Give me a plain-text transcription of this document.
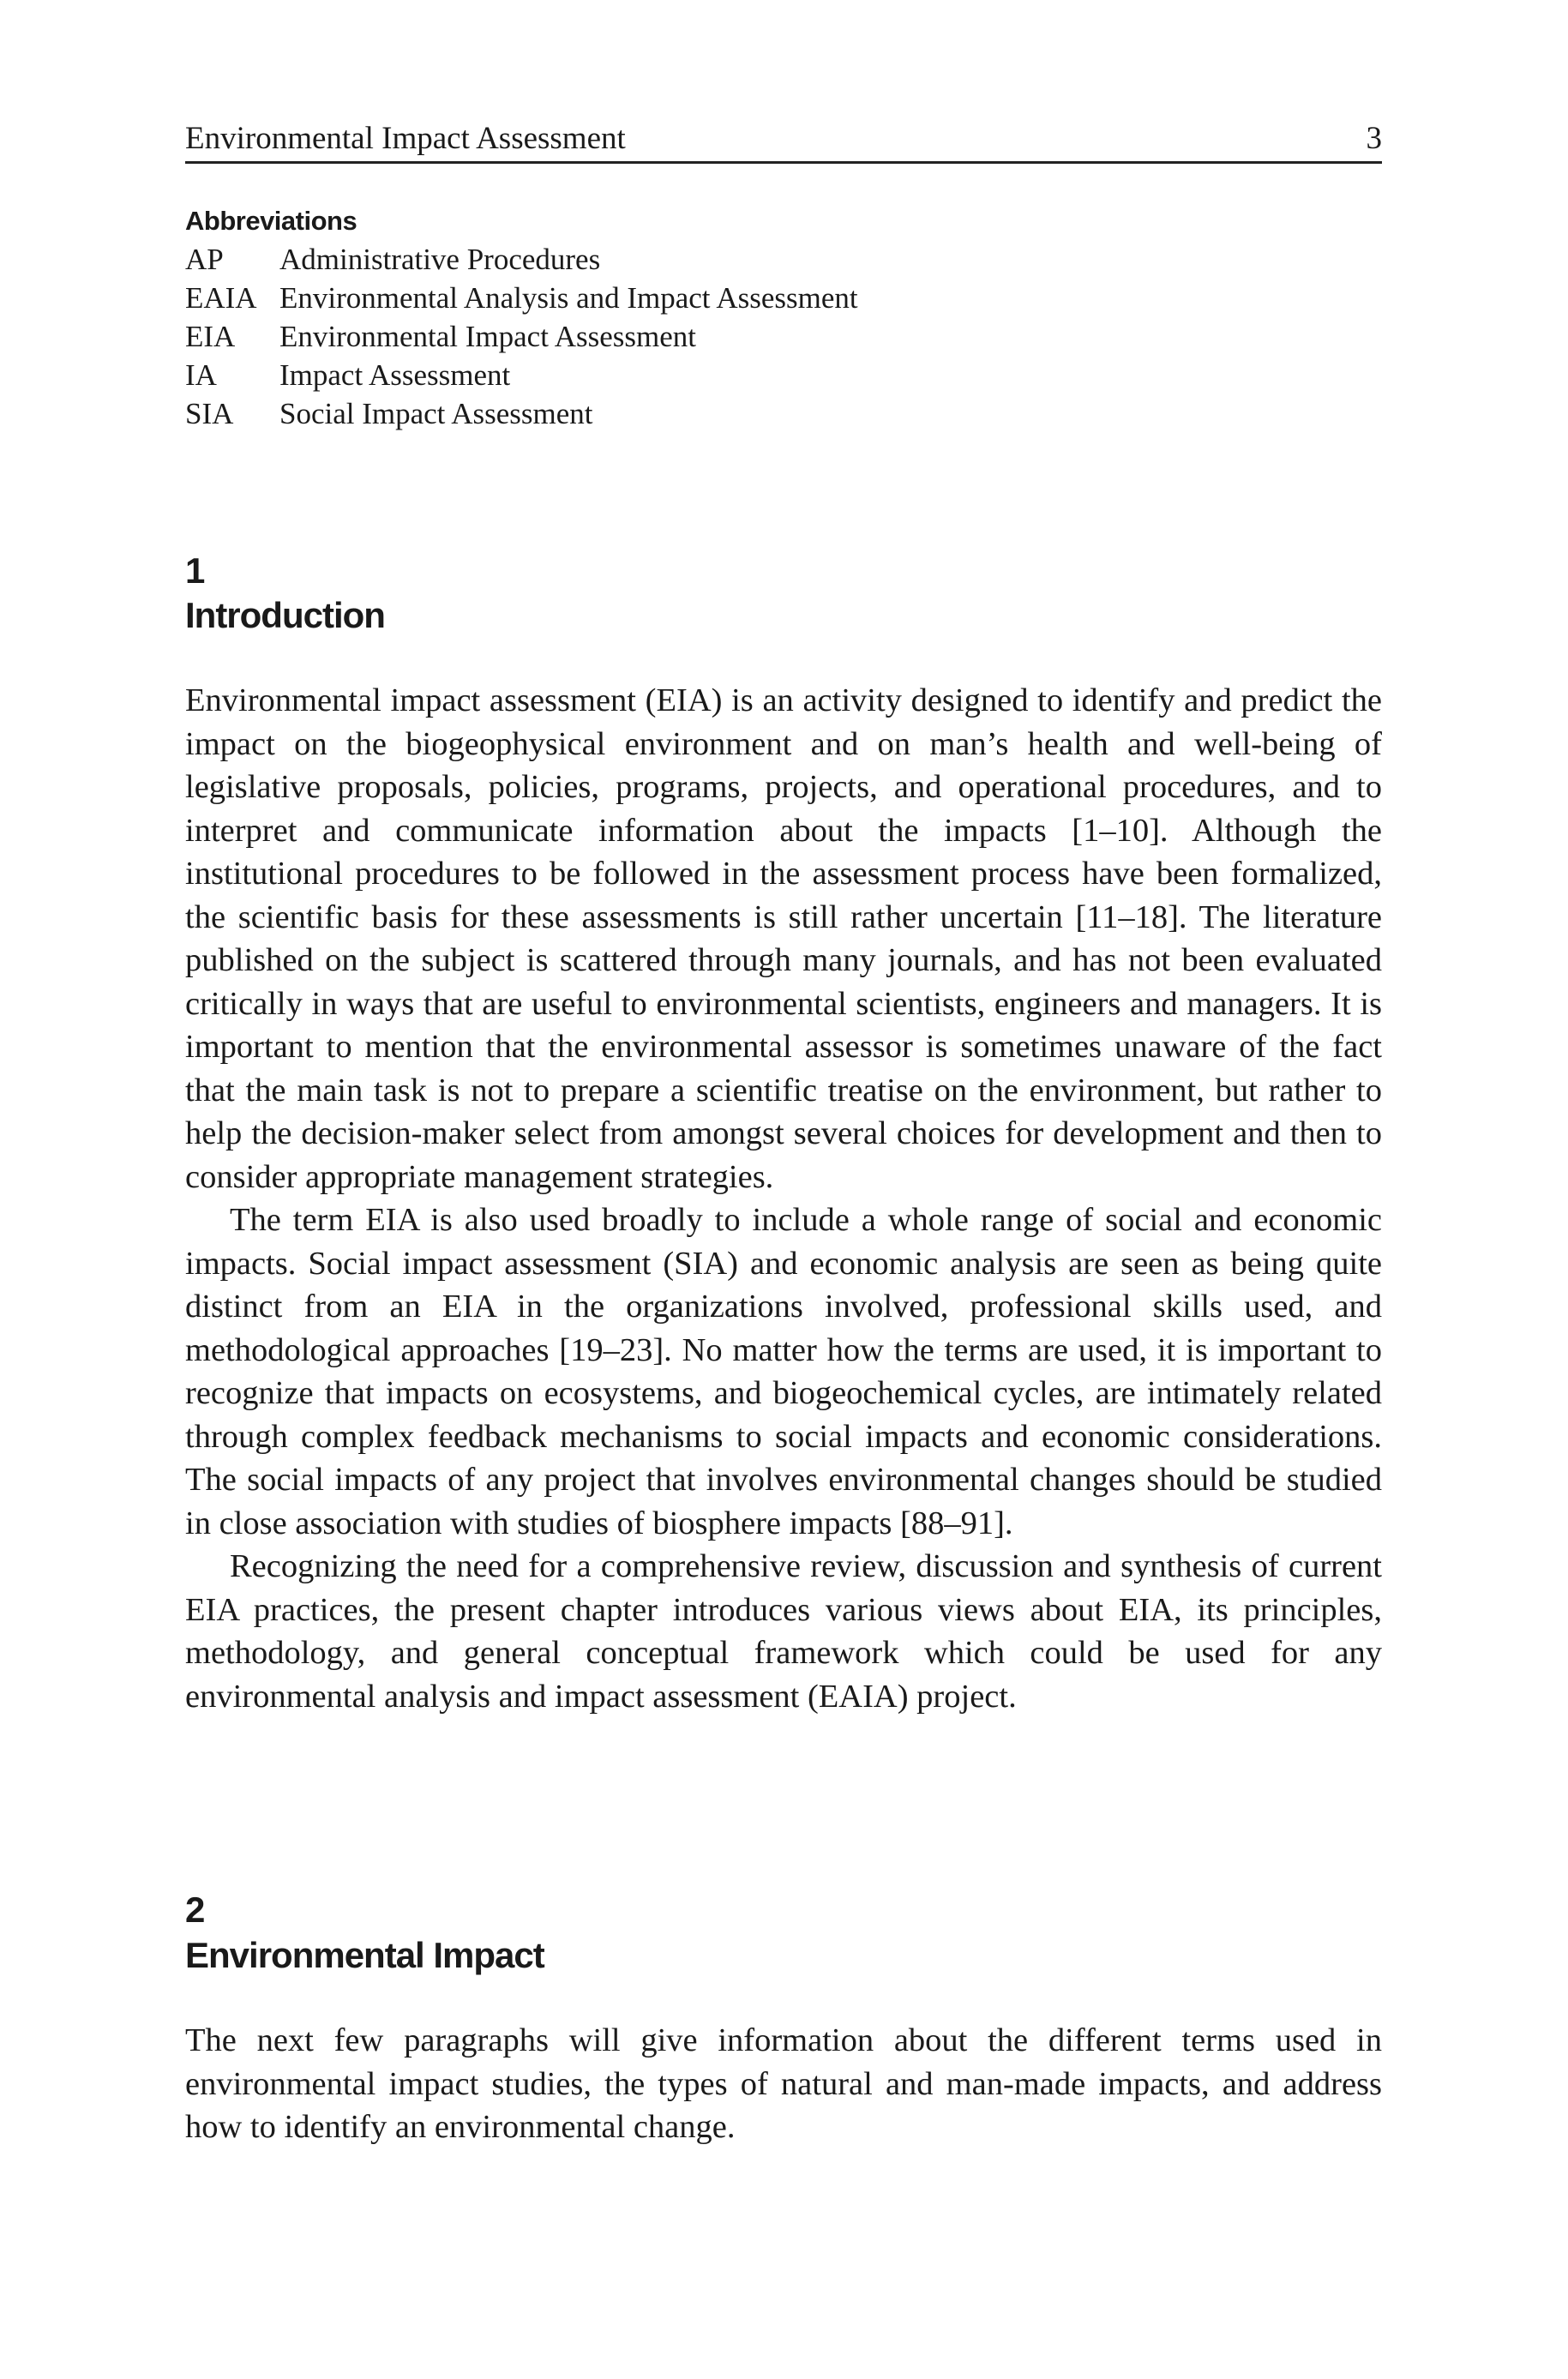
Environmental Impact Assessment	3
Abbreviations
AP Administrative Procedures
EAIA Environmental Analysis and Impact Assessment
EIA Environmental Impact Assessment
IA Impact Assessment
SIA Social Impact Assessment
1
Introduction

Environmental impact assessment (EIA) is an activity designed to identify and predict the impact on the biogeophysical environment and on man’s health and well-being of legislative proposals, policies, programs, projects, and operational procedures, and to interpret and communicate information about the impacts [1–10]. Although the institutional procedures to be followed in the assessment process have been formalized, the scientific basis for these assessments is still rather uncertain [11–18]. The literature published on the subject is scattered through many journals, and has not been evaluated critically in ways that are useful to environmental scientists, engineers and managers. It is important to mention that the environmental assessor is sometimes unaware of the fact that the main task is not to prepare a scientific treatise on the environment, but rather to help the decision-maker select from amongst several choices for development and then to consider appropriate management strategies.

The term EIA is also used broadly to include a whole range of social and economic impacts. Social impact assessment (SIA) and economic analysis are seen as being quite distinct from an EIA in the organizations involved, professional skills used, and methodological approaches [19–23]. No matter how the terms are used, it is important to recognize that impacts on ecosystems, and biogeochemical cycles, are intimately related through complex feedback mechanisms to social impacts and economic considerations. The social impacts of any project that involves environmental changes should be studied in close association with studies of biosphere impacts [88–91].

Recognizing the need for a comprehensive review, discussion and synthesis of current EIA practices, the present chapter introduces various views about EIA, its principles, methodology, and general conceptual framework which could be used for any environmental analysis and impact assessment (EAIA) project.

2
Environmental Impact

The next few paragraphs will give information about the different terms used in environmental impact studies, the types of natural and man-made impacts, and address how to identify an environmental change.
